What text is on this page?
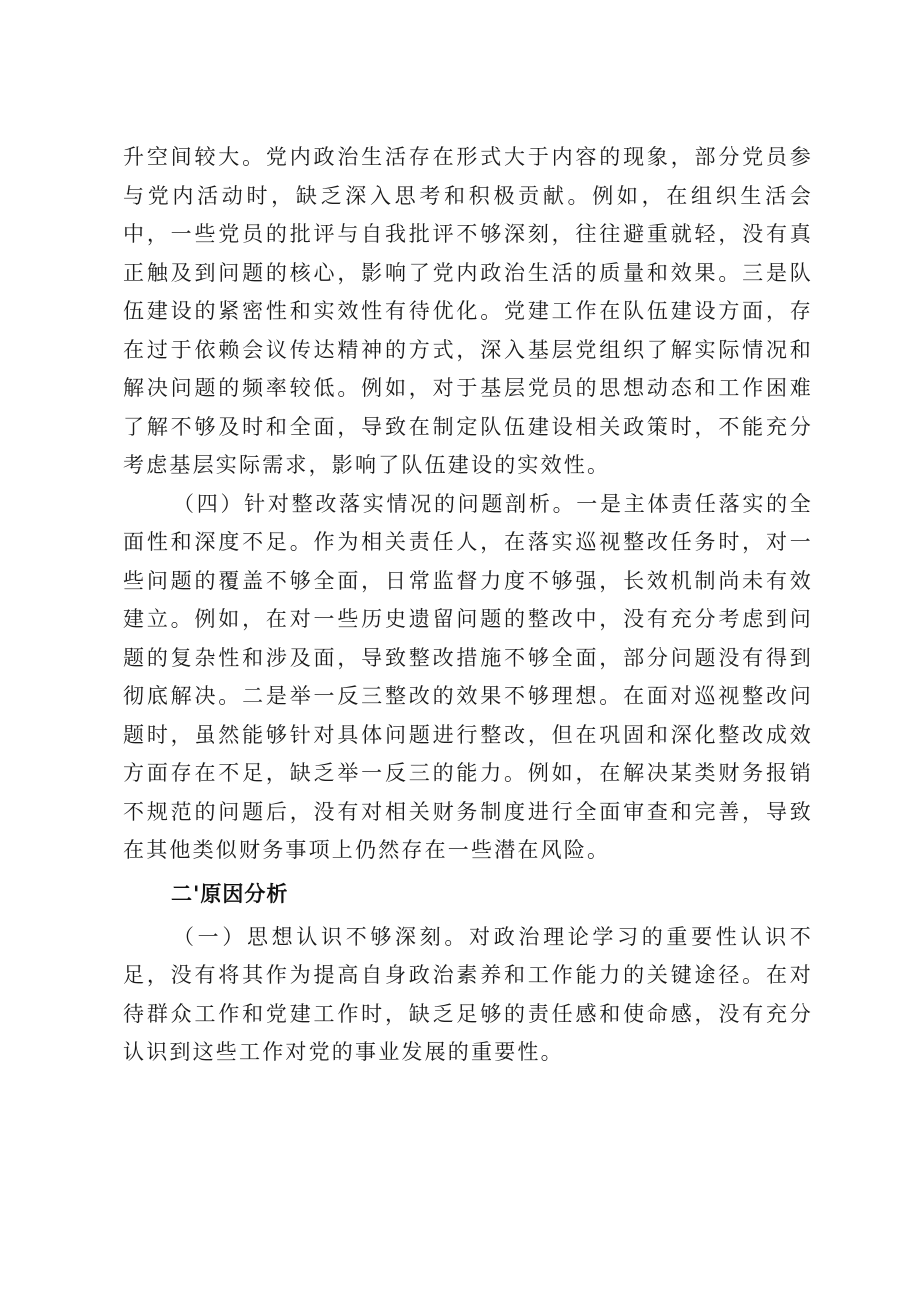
升空间较大。党内政治生活存在形式大于内容的现象，部分党员参与党内活动时，缺乏深入思考和积极贡献。例如，在组织生活会中，一些党员的批评与自我批评不够深刻，往往避重就轻，没有真正触及到问题的核心，影响了党内政治生活的质量和效果。三是队伍建设的紧密性和实效性有待优化。党建工作在队伍建设方面，存在过于依赖会议传达精神的方式，深入基层党组织了解实际情况和解决问题的频率较低。例如，对于基层党员的思想动态和工作困难了解不够及时和全面，导致在制定队伍建设相关政策时，不能充分考虑基层实际需求，影响了队伍建设的实效性。

（四）针对整改落实情况的问题剖析。一是主体责任落实的全面性和深度不足。作为相关责任人，在落实巡视整改任务时，对一些问题的覆盖不够全面，日常监督力度不够强，长效机制尚未有效建立。例如，在对一些历史遗留问题的整改中，没有充分考虑到问题的复杂性和涉及面，导致整改措施不够全面，部分问题没有得到彻底解决。二是举一反三整改的效果不够理想。在面对巡视整改问题时，虽然能够针对具体问题进行整改，但在巩固和深化整改成效方面存在不足，缺乏举一反三的能力。例如，在解决某类财务报销不规范的问题后，没有对相关财务制度进行全面审查和完善，导致在其他类似财务事项上仍然存在一些潜在风险。

二'原因分析

（一）思想认识不够深刻。对政治理论学习的重要性认识不足，没有将其作为提高自身政治素养和工作能力的关键途径。在对待群众工作和党建工作时，缺乏足够的责任感和使命感，没有充分认识到这些工作对党的事业发展的重要性。
